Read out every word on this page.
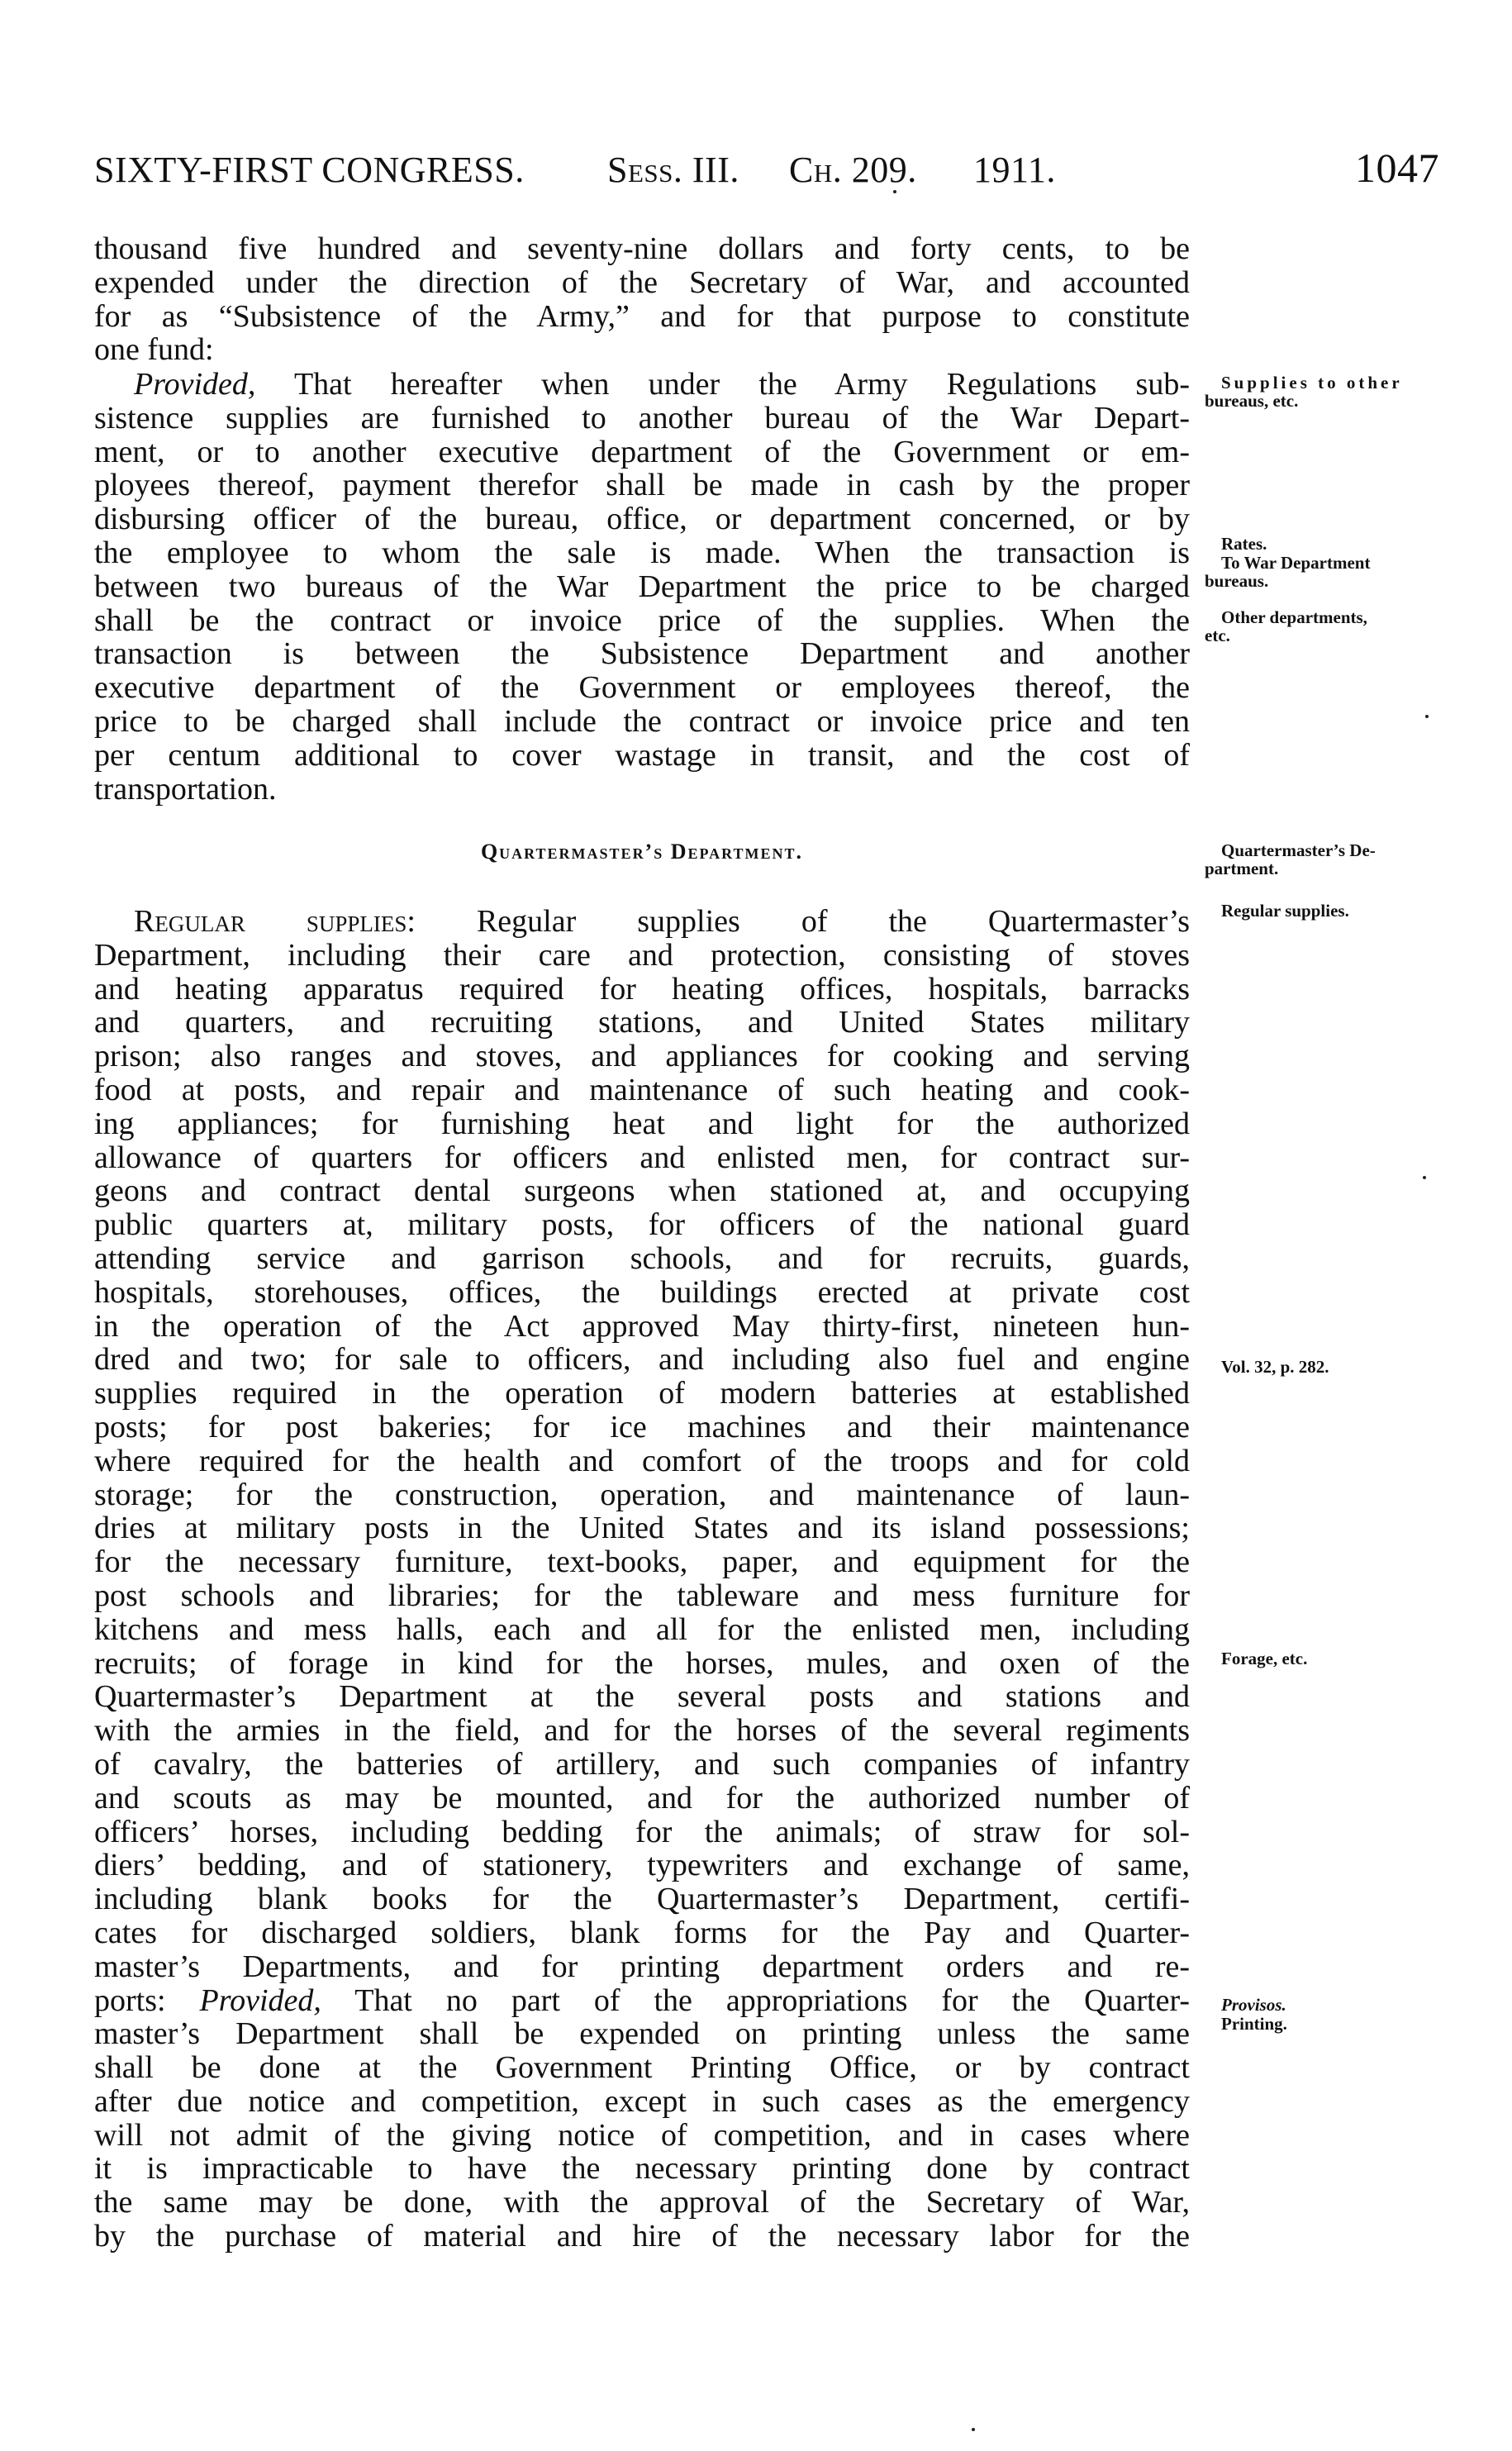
SIXTY-FIRST CONGRESS. Sess. III. Ch. 209. 1911.	1047
thousand five hundred and seventy-nine dollars and forty cents, to be
expended under the direction of the Secretary of War, and accounted
for as “Subsistence of the Army,” and for that purpose to constitute
one fund:
Provided, That hereafter when under the Army Regulations sub-
sistence supplies are furnished to another bureau of the War Depart-
ment, or to another executive department of the Government or em-
ployees thereof, payment therefor shall be made in cash by the proper
disbursing officer of the bureau, office, or department concerned, or by
the employee to whom the sale is made. When the transaction is
between two bureaus of the War Department the price to be charged
shall be the contract or invoice price of the supplies. When the
transaction is between the Subsistence Department and another
executive department of the Government or employees thereof, the
price to be charged shall include the contract or invoice price and ten
per centum additional to cover wastage in transit, and the cost of
transportation.
Quartermaster’s Department.
Regular supplies: Regular supplies of the Quartermaster’s
Department, including their care and protection, consisting of stoves
and heating apparatus required for heating offices, hospitals, barracks
and quarters, and recruiting stations, and United States military
prison; also ranges and stoves, and appliances for cooking and serving
food at posts, and repair and maintenance of such heating and cook-
ing appliances; for furnishing heat and light for the authorized
allowance of quarters for officers and enlisted men, for contract sur-
geons and contract dental surgeons when stationed at, and occupying
public quarters at, military posts, for officers of the national guard
attending service and garrison schools, and for recruits, guards,
hospitals, storehouses, offices, the buildings erected at private cost
in the operation of the Act approved May thirty-first, nineteen hun-
dred and two; for sale to officers, and including also fuel and engine
supplies required in the operation of modern batteries at established
posts; for post bakeries; for ice machines and their maintenance
where required for the health and comfort of the troops and for cold
storage; for the construction, operation, and maintenance of laun-
dries at military posts in the United States and its island possessions;
for the necessary furniture, text-books, paper, and equipment for the
post schools and libraries; for the tableware and mess furniture for
kitchens and mess halls, each and all for the enlisted men, including
recruits; of forage in kind for the horses, mules, and oxen of the
Quartermaster’s Department at the several posts and stations and
with the armies in the field, and for the horses of the several regiments
of cavalry, the batteries of artillery, and such companies of infantry
and scouts as may be mounted, and for the authorized number of
officers’ horses, including bedding for the animals; of straw for sol-
diers’ bedding, and of stationery, typewriters and exchange of same,
including blank books for the Quartermaster’s Department, certifi-
cates for discharged soldiers, blank forms for the Pay and Quarter-
master’s Departments, and for printing department orders and re-
ports: Provided, That no part of the appropriations for the Quarter-
master’s Department shall be expended on printing unless the same
shall be done at the Government Printing Office, or by contract
after due notice and competition, except in such cases as the emergency
will not admit of the giving notice of competition, and in cases where
it is impracticable to have the necessary printing done by contract
the same may be done, with the approval of the Secretary of War,
by the purchase of material and hire of the necessary labor for the
Supplies to other
bureaus, etc.
Rates.
To War Department
bureaus.
Other departments,
etc.
Quartermaster’s De-
partment.
Regular supplies.
Vol. 32, p. 282.
Forage, etc.
Provisos.
Printing.
